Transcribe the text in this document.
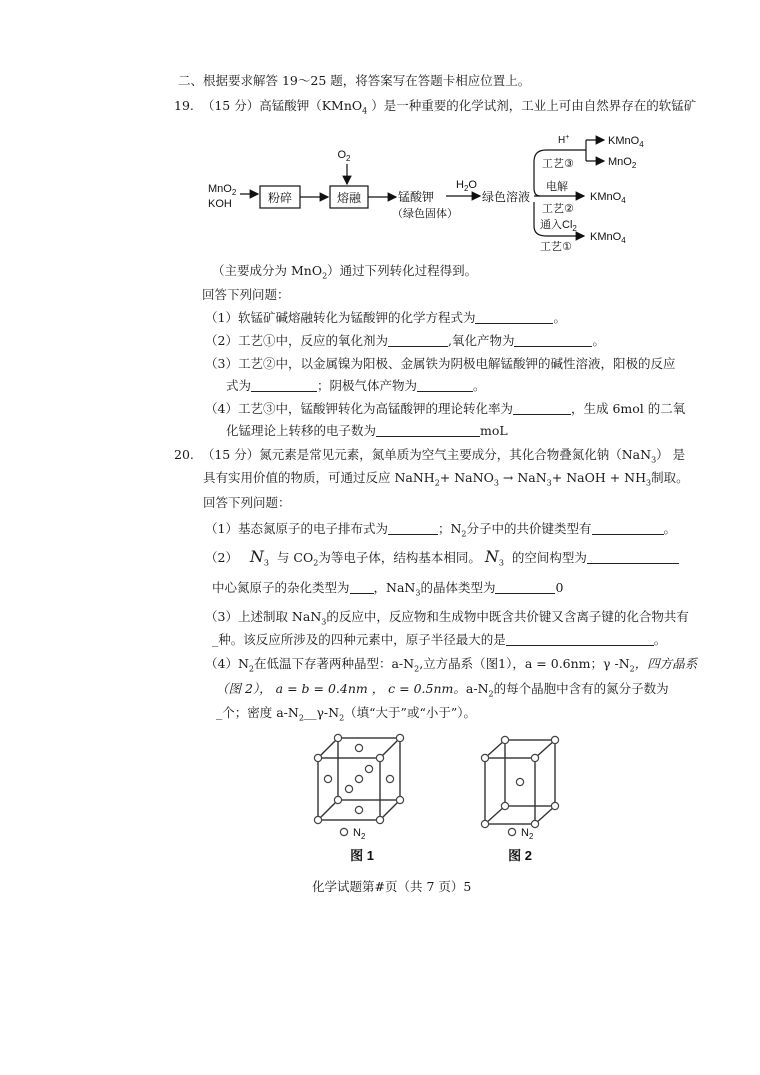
二、根据要求解答 19～25 题，将答案写在答题卡相应位置上。
19. （15 分）高锰酸钾（KMnO$_4$ ）是一种重要的化学试剂，工业上可由自然界存在的软锰矿
MnO$_2$
KOH	粉碎
$O_2$
熔融	锰酸钾
（绿色固体）
$H_2O$
绿色溶液
H+
工艺③
KMnO$_4$
MnO$_2$
电解
工艺②
KMnO$_4$
通入$Cl_2$
工艺①
KMnO$_4$
（主要成分为 MnO$_2$）通过下列转化过程得到。
回答下列问题：
（1）软锰矿碱熔融转化为锰酸钾的化学方程式为	。
（2）工艺①中，反应的氧化剂为	,氧化产物为	。
（3）工艺②中，以金属镍为阳极、金属铁为阴极电解锰酸钾的碱性溶液，阳极的反应
式为	；阴极气体产物为	。
（4）工艺③中，锰酸钾转化为高锰酸钾的理论转化率为	，生成 6mol 的二氧
化锰理论上转移的电子数为	moL
20. （15 分）氮元素是常见元素，氮单质为空气主要成分，其化合物叠氮化钠（NaN$_3$） 是
具有实用价值的物质，可通过反应 NaNH$_2$+ NaNO$_3$ → NaN$_3$+ NaOH + $NH_3$制取。
回答下列问题：
（1）基态氮原子的电子排布式为	；$N_2$分子中的共价键类型有	。
（2） $N_3$ 与 $CO_2$为等电子体，结构基本相同。 $N_3$ 的空间构型为
中心氮原子的杂化类型为 ，NaN$_3$的晶体类型为	0
（3）上述制取 NaN$_3$的反应中，反应物和生成物中既含共价键又含离子键的化合物共有
_种。该反应所涉及的四种元素中，原子半径最大的是	。
$(4)N_2$在低温下存著两种晶型：$a-N_2$,立方晶系（图1），a = 0.6nm；γ $-N_2$，四方晶系
（图 2）， a = b = 0.4nm ， c = 0.5nm。$a-N_2$的每个晶胞中含有的氮分子数为
_个；密度 $a-N_2\_\_\gamma-N_2$（填“大于”或“小于”）。
$N_2$	$N_2$
图 1	图 2
化学试题第#页（共 7 页）5
